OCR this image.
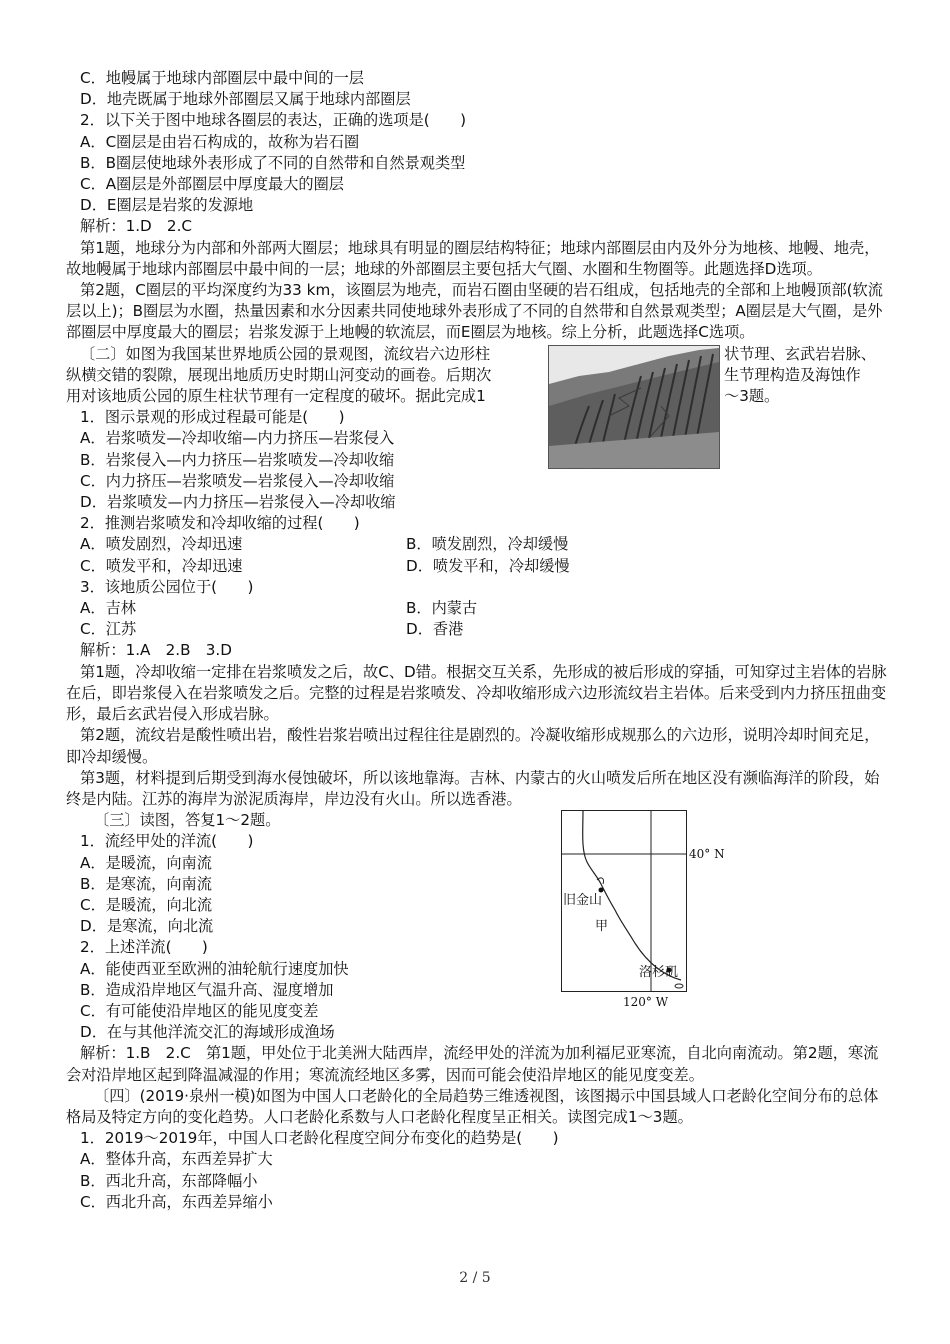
C．地幔属于地球内部圈层中最中间的一层

D．地壳既属于地球外部圈层又属于地球内部圈层

2．以下关于图中地球各圈层的表达，正确的选项是(　　)

A．C圈层是由岩石构成的，故称为岩石圈

B．B圈层使地球外表形成了不同的自然带和自然景观类型

C．A圈层是外部圈层中厚度最大的圈层

D．E圈层是岩浆的发源地

解析：1.D　2.C

第1题，地球分为内部和外部两大圈层；地球具有明显的圈层结构特征；地球内部圈层由内及外分为地核、地幔、地壳，故地幔属于地球内部圈层中最中间的一层；地球的外部圈层主要包括大气圈、水圈和生物圈等。此题选择D选项。

第2题，C圈层的平均深度约为33 km，该圈层为地壳，而岩石圈由坚硬的岩石组成，包括地壳的全部和上地幔顶部(软流层以上)；B圈层为水圈，热量因素和水分因素共同使地球外表形成了不同的自然带和自然景观类型；A圈层是大气圈，是外部圈层中厚度最大的圈层；岩浆发源于上地幔的软流层，而E圈层为地核。综上分析，此题选择C选项。

〔二〕如图为我国某世界地质公园的景观图，流纹岩六边形柱	状节理、玄武岩岩脉、

纵横交错的裂隙，展现出地质历史时期山河变动的画卷。后期次	生节理构造及海蚀作

用对该地质公园的原生柱状节理有一定程度的破坏。据此完成1	～3题。

1．图示景观的形成过程最可能是(　　)

A．岩浆喷发—冷却收缩—内力挤压—岩浆侵入

B．岩浆侵入—内力挤压—岩浆喷发—冷却收缩

C．内力挤压—岩浆喷发—岩浆侵入—冷却收缩

D．岩浆喷发—内力挤压—岩浆侵入—冷却收缩

2．推测岩浆喷发和冷却收缩的过程(　　)

A．喷发剧烈，冷却迅速	B．喷发剧烈，冷却缓慢

C．喷发平和，冷却迅速	D．喷发平和，冷却缓慢

3．该地质公园位于(　　)

A．吉林	B．内蒙古

C．江苏	D．香港

解析：1.A　2.B　3.D

第1题，冷却收缩一定排在岩浆喷发之后，故C、D错。根据交互关系，先形成的被后形成的穿插，可知穿过主岩体的岩脉在后，即岩浆侵入在岩浆喷发之后。完整的过程是岩浆喷发、冷却收缩形成六边形流纹岩主岩体。后来受到内力挤压扭曲变形，最后玄武岩侵入形成岩脉。

第2题，流纹岩是酸性喷出岩，酸性岩浆岩喷出过程往往是剧烈的。冷凝收缩形成规那么的六边形，说明冷却时间充足，即冷却缓慢。

第3题，材料提到后期受到海水侵蚀破坏，所以该地靠海。吉林、内蒙古的火山喷发后所在地区没有濒临海洋的阶段，始终是内陆。江苏的海岸为淤泥质海岸，岸边没有火山。所以选香港。

〔三〕读图，答复1～2题。

40° N
旧金山
甲
洛杉矶
120° W

1．流经甲处的洋流(　　)

A．是暖流，向南流

B．是寒流，向南流

C．是暖流，向北流

D．是寒流，向北流

2．上述洋流(　　)

A．能使西亚至欧洲的油轮航行速度加快

B．造成沿岸地区气温升高、湿度增加

C．有可能使沿岸地区的能见度变差

D．在与其他洋流交汇的海域形成渔场

解析：1.B　2.C　第1题，甲处位于北美洲大陆西岸，流经甲处的洋流为加利福尼亚寒流，自北向南流动。第2题，寒流会对沿岸地区起到降温减湿的作用；寒流流经地区多雾，因而可能会使沿岸地区的能见度变差。

〔四〕(2019·泉州一模)如图为中国人口老龄化的全局趋势三维透视图，该图揭示中国县域人口老龄化空间分布的总体格局及特定方向的变化趋势。人口老龄化系数与人口老龄化程度呈正相关。读图完成1～3题。

1．2019～2019年，中国人口老龄化程度空间分布变化的趋势是(　　)

A．整体升高，东西差异扩大

B．西北升高，东部降幅小

C．西北升高，东西差异缩小

2 / 5
